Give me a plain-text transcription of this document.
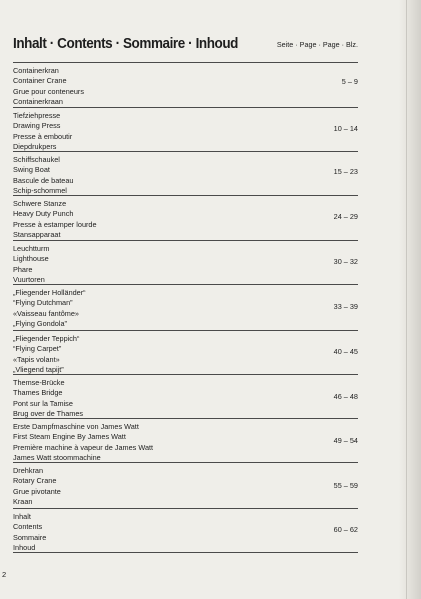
Inhalt · Contents · Sommaire · Inhoud	Seite · Page · Page · Blz.
Containerkran
Container Crane
Grue pour conteneurs
Containerkraan
5 – 9
Tiefziehpresse
Drawing Press
Presse à emboutir
Diepdrukpers
10 – 14
Schiffschaukel
Swing Boat
Bascule de bateau
Schip-schommel
15 – 23
Schwere Stanze
Heavy Duty Punch
Presse à estamper lourde
Stansapparaat
24 – 29
Leuchtturm
Lighthouse
Phare
Vuurtoren
30 – 32
„Fliegender Holländer“
“Flying Dutchman”
«Vaisseau fantôme»
„Flying Gondola”
33 – 39
„Fliegender Teppich“
“Flying Carpet”
«Tapis volant»
„Vliegend tapijt”
40 – 45
Themse-Brücke
Thames Bridge
Pont sur la Tamise
Brug over de Thames
46 – 48
Erste Dampfmaschine von James Watt
First Steam Engine By James Watt
Première machine à vapeur de James Watt
James Watt stoommachine
49 – 54
Drehkran
Rotary Crane
Grue pivotante
Kraan
55 – 59
Inhalt
Contents
Sommaire
Inhoud
60 – 62
2
